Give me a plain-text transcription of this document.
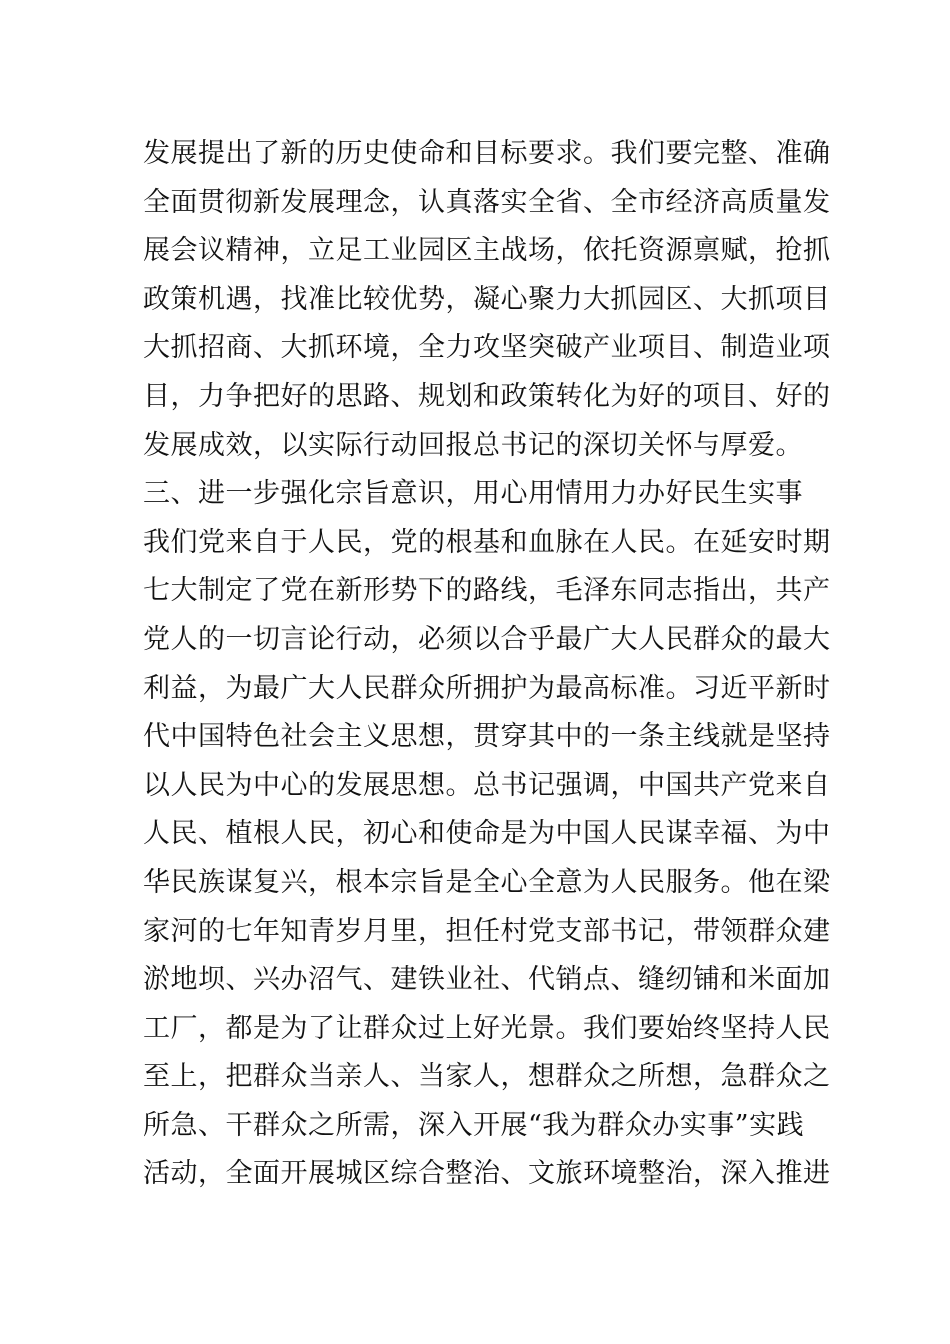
发展提出了新的历史使命和目标要求。我们要完整、准确
全面贯彻新发展理念，认真落实全省、全市经济高质量发
展会议精神，立足工业园区主战场，依托资源禀赋，抢抓
政策机遇，找准比较优势，凝心聚力大抓园区、大抓项目
大抓招商、大抓环境，全力攻坚突破产业项目、制造业项
目，力争把好的思路、规划和政策转化为好的项目、好的
发展成效，以实际行动回报总书记的深切关怀与厚爱。
三、进一步强化宗旨意识，用心用情用力办好民生实事
我们党来自于人民，党的根基和血脉在人民。在延安时期
七大制定了党在新形势下的路线，毛泽东同志指出，共产
党人的一切言论行动，必须以合乎最广大人民群众的最大
利益，为最广大人民群众所拥护为最高标准。习近平新时
代中国特色社会主义思想，贯穿其中的一条主线就是坚持
以人民为中心的发展思想。总书记强调，中国共产党来自
人民、植根人民，初心和使命是为中国人民谋幸福、为中
华民族谋复兴，根本宗旨是全心全意为人民服务。他在梁
家河的七年知青岁月里，担任村党支部书记，带领群众建
淤地坝、兴办沼气、建铁业社、代销点、缝纫铺和米面加
工厂，都是为了让群众过上好光景。我们要始终坚持人民
至上，把群众当亲人、当家人，想群众之所想，急群众之
所急、干群众之所需，深入开展“我为群众办实事”实践
活动，全面开展城区综合整治、文旅环境整治，深入推进
